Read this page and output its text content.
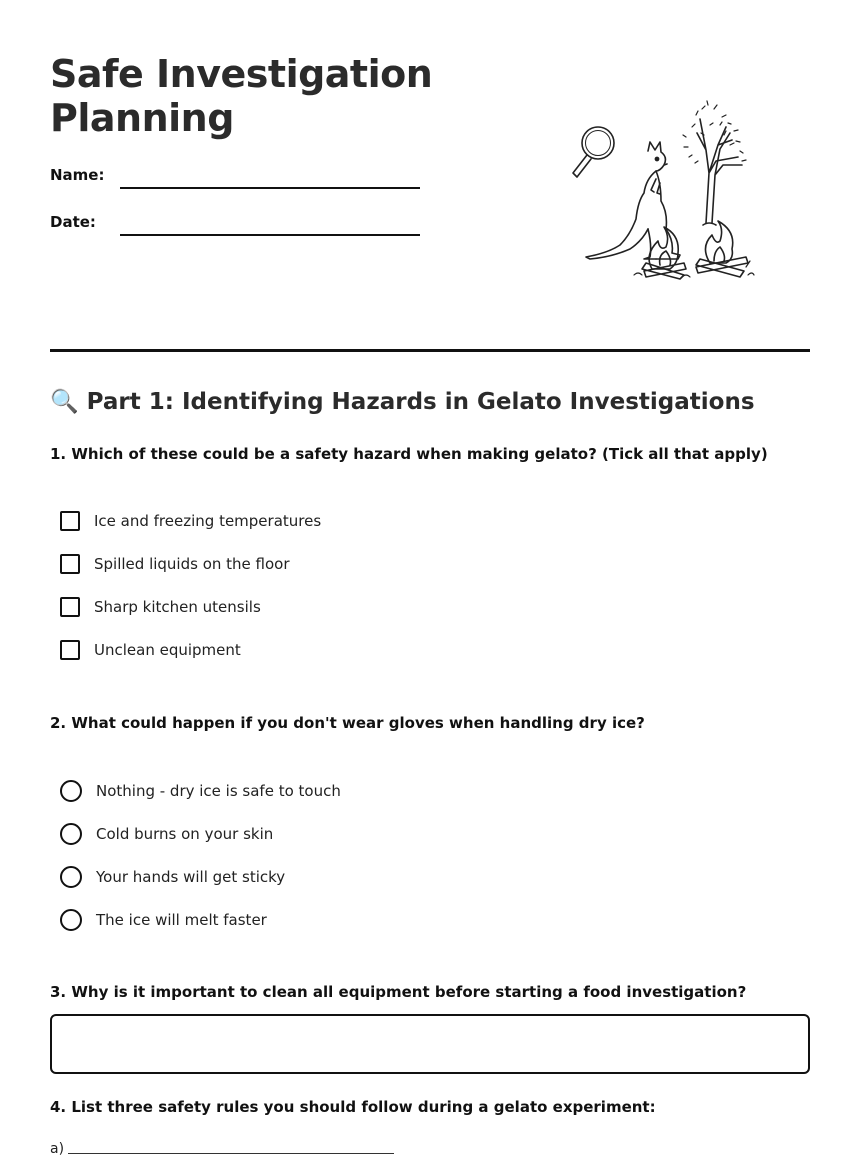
Safe Investigation
Planning
Name:
Date:
🔍 Part 1: Identifying Hazards in Gelato Investigations
1. Which of these could be a safety hazard when making gelato? (Tick all that apply)
Ice and freezing temperatures
Spilled liquids on the floor
Sharp kitchen utensils
Unclean equipment
2. What could happen if you don't wear gloves when handling dry ice?
Nothing - dry ice is safe to touch
Cold burns on your skin
Your hands will get sticky
The ice will melt faster
3. Why is it important to clean all equipment before starting a food investigation?
4. List three safety rules you should follow during a gelato experiment:
a)
